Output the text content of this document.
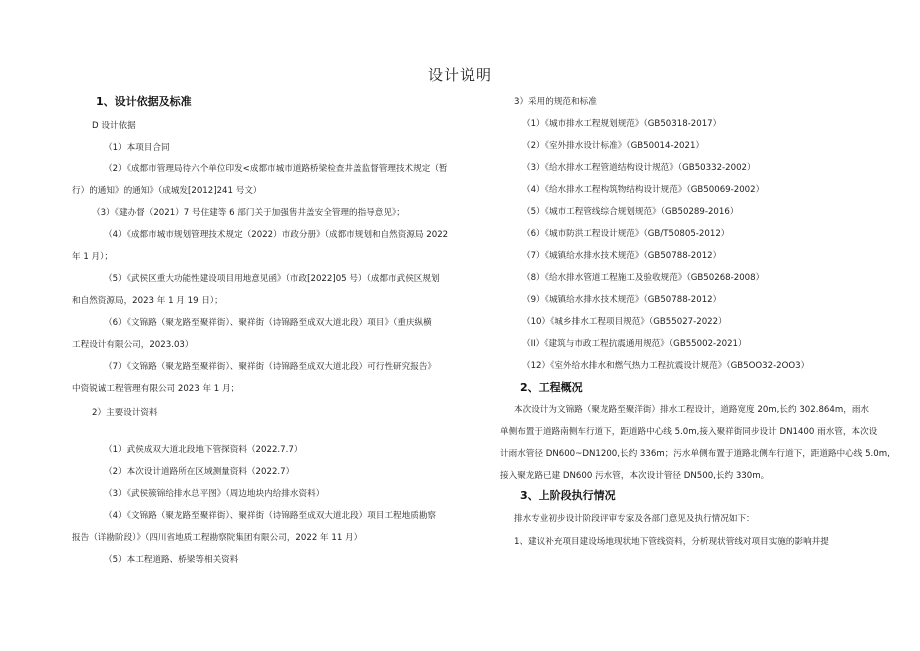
设计说明
1、设计依据及标准
D 设计依据
（1）本项目合同
（2）《成都市管理局待六个单位印发<成都市城市道路桥梁检查井盖监督管理技术规定（暂
行）的通知》的通知》（成城发[2012]241 号文）
（3）《建办督（2021）7 号住建等 6 部门关于加强售井盖安全管理的指导意见》；
（4）《成都市城市规划管理技术规定（2022）市政分册》（成都市规划和自然资源局 2022
年 1 月）；
（5）《武侯区重大功能性建设项目用地意见函》（市政[2022]05 号）（成都市武侯区规划
和自然资源局，2023 年 1 月 19 日）；
（6）《文锦路（聚龙路至聚祥街）、聚祥街（诗锦路至成双大道北段）项目》（重庆纵横
工程设计有限公司，2023.03）
（7）《文锦路（聚龙路至聚祥街）、聚祥街（诗锦路至成双大道北段）可行性研究报告》
中资锐诚工程管理有限公司 2023 年 1 月；
2）主要设计资料
（1）武侯成双大道北段地下管探资料（2022.7.7）
（2）本次设计道路所在区域测量资料（2022.7）
（3）《武侯簇锦给排水总平图》（周边地块内给排水资料）
（4）《文锦路（聚龙路至聚祥街）、聚祥街（诗锦路至成双大道北段）项目工程地质勘察
报告（详勘阶段）》（四川省地质工程勘察院集团有限公司，2022 年 11 月）
（5）本工程道路、桥梁等相关资料
3）采用的规范和标准
（1）《城市排水工程规划规范》（GB50318-2017）
（2）《室外排水设计标准》（GB50014-2021）
（3）《给水排水工程管道结构设计规范》（GB50332-2002）
（4）《给水排水工程构筑物结构设计规范》（GB50069-2002）
（5）《城市工程管线综合规划规范》（GB50289-2016）
（6）《城市防洪工程设计规范》（GB/T50805-2012）
（7）《城镇给水排水技术规范》（GB50788-2012）
（8）《给水排水管道工程施工及验收规范》（GB50268-2008）
（9）《城镇给水排水技术规范》（GB50788-2012）
（10）《城乡排水工程项目规范》（GB55027-2022）
（II）《建筑与市政工程抗震通用规范》（GB55002-2021）
（12）《室外给水排水和燃气热力工程抗震设计规范》（GB5OO32-2OO3）
2、工程概况
本次设计为文锦路（聚龙路至聚洋街）排水工程设计，道路宽度 20m,长约 302.864m，雨水
单侧布置于道路南侧车行道下，距道路中心线 5.0m,接入聚祥街同步设计 DN1400 雨水管，本次设
计雨水管径 DN600~DN1200,长约 336m；污水单侧布置于道路北侧车行道下，距道路中心线 5.0m,
接入聚龙路已建 DN600 污水管，本次设计管径 DN500,长约 330m。
3、上阶段执行情况
排水专业初步设计阶段评审专家及各部门意见及执行情况如下：
1、建议补充项目建设场地现状地下管线资料，分析现状管线对项目实施的影响并提
